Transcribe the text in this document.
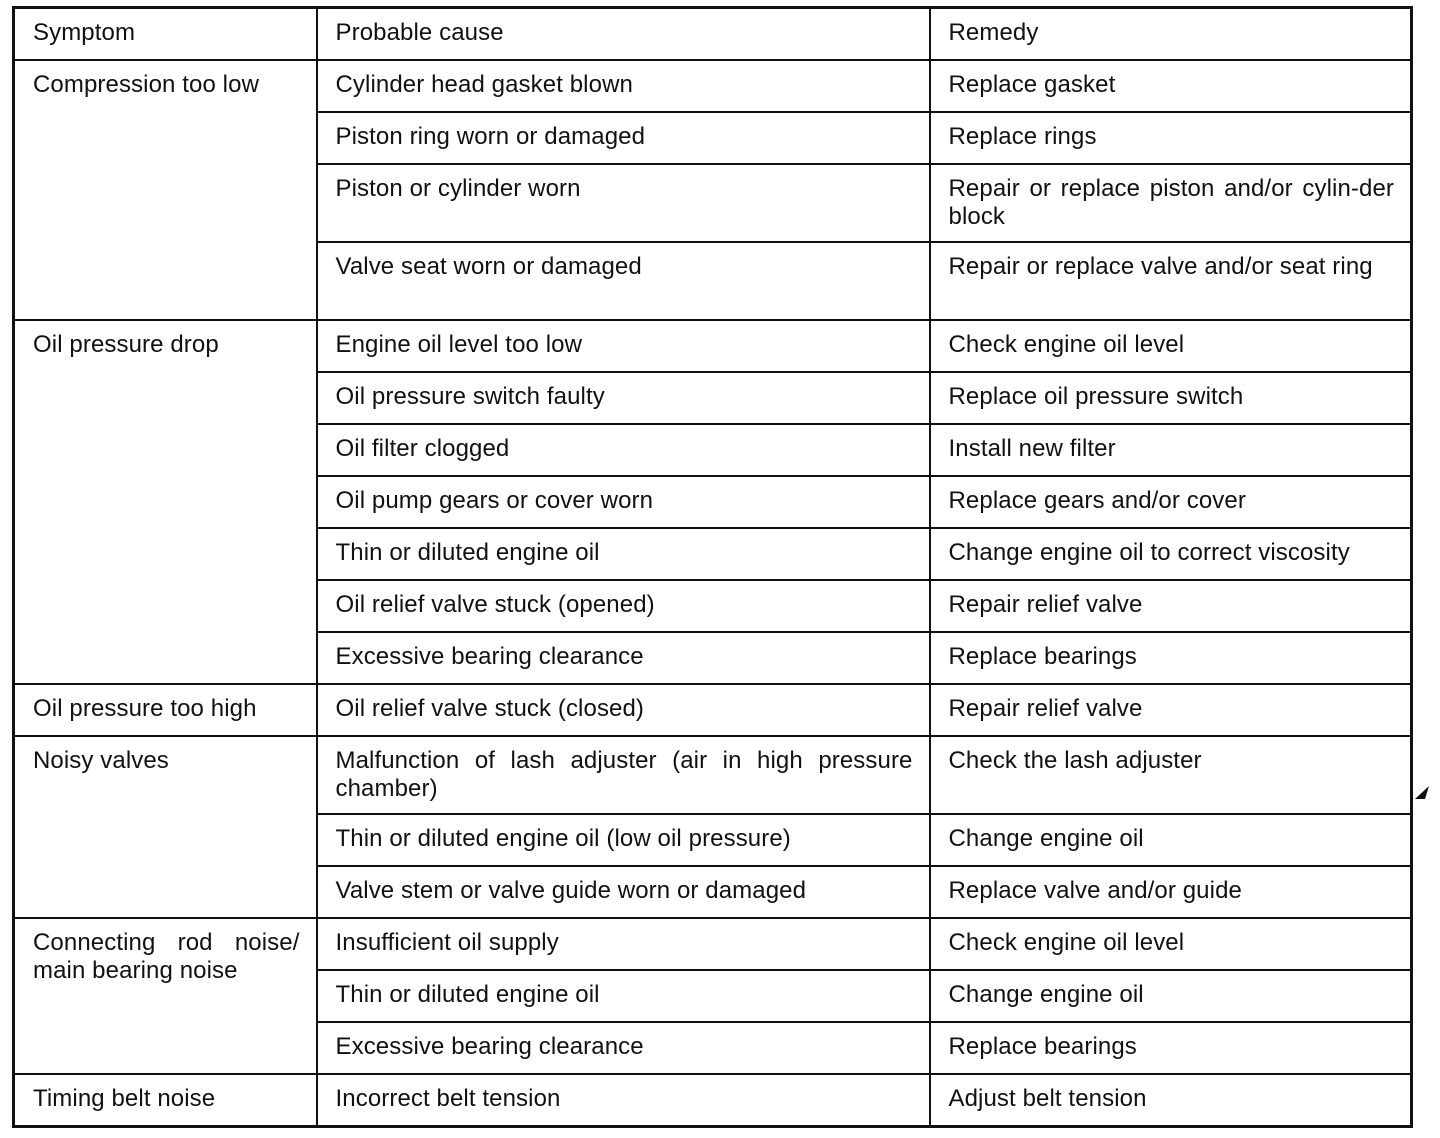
Symptom	Probable cause	Remedy
Compression too low	Cylinder head gasket blown	Replace gasket
	Piston ring worn or damaged	Replace rings
	Piston or cylinder worn	Repair or replace piston and/or cylin-der block
	Valve seat worn or damaged	Repair or replace valve and/or seat ring
Oil pressure drop	Engine oil level too low	Check engine oil level
	Oil pressure switch faulty	Replace oil pressure switch
	Oil filter clogged	Install new filter
	Oil pump gears or cover worn	Replace gears and/or cover
	Thin or diluted engine oil	Change engine oil to correct viscosity
	Oil relief valve stuck (opened)	Repair relief valve
	Excessive bearing clearance	Replace bearings
Oil pressure too high	Oil relief valve stuck (closed)	Repair relief valve
Noisy valves	Malfunction of lash adjuster (air in high pressure chamber)	Check the lash adjuster
	Thin or diluted engine oil (low oil pressure)	Change engine oil
	Valve stem or valve guide worn or damaged	Replace valve and/or guide
Connecting rod noise/ main bearing noise	Insufficient oil supply	Check engine oil level
	Thin or diluted engine oil	Change engine oil
	Excessive bearing clearance	Replace bearings
Timing belt noise	Incorrect belt tension	Adjust belt tension
